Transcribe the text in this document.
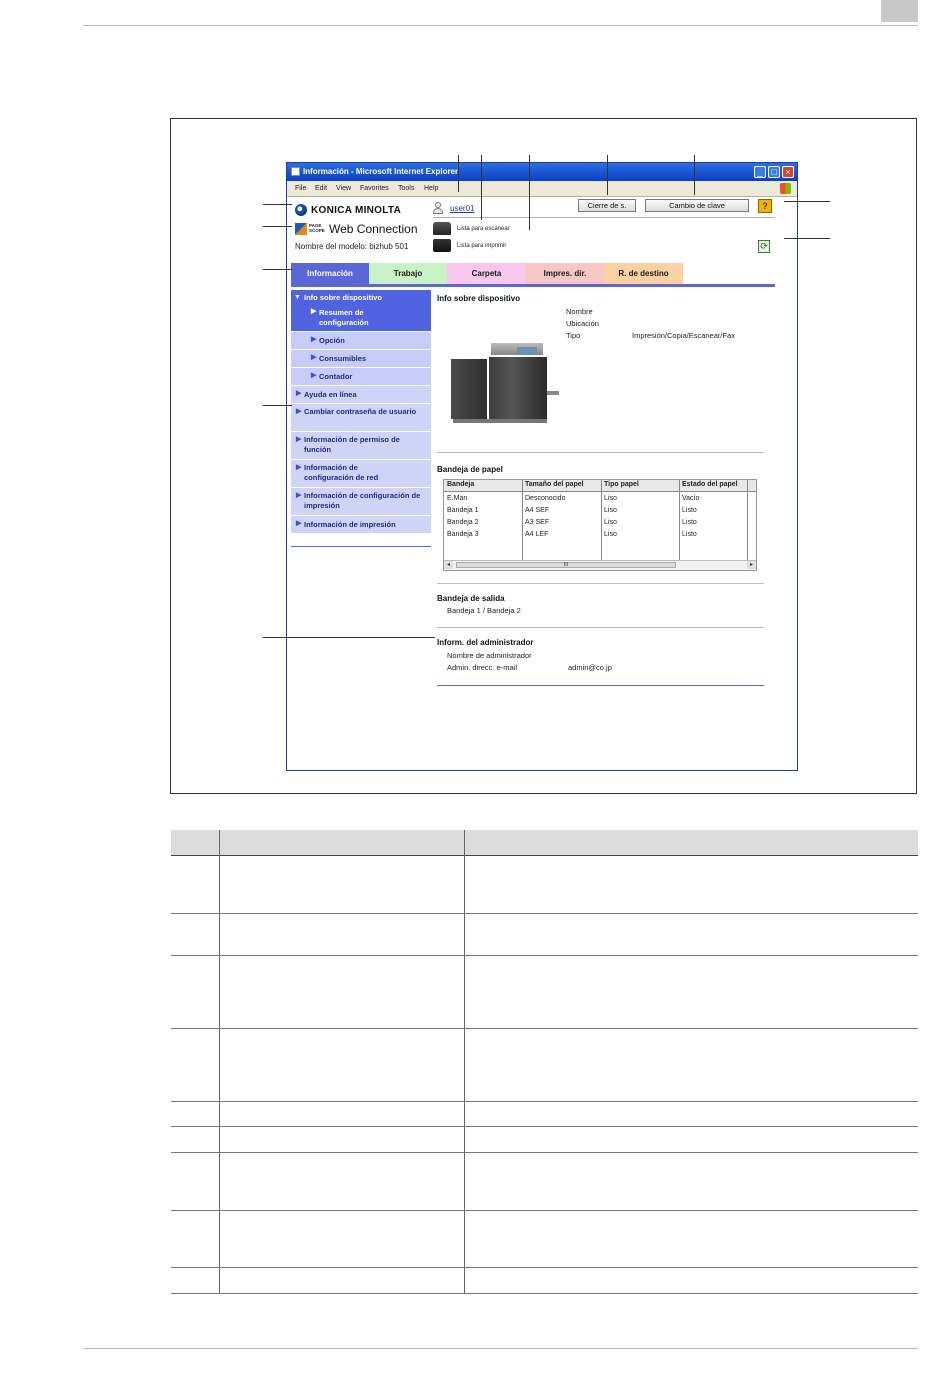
Información - Microsoft Internet Explorer	_ □ ×
File Edit View Favorites Tools Help
KONICA MINOLTA
PAGE SCOPE Web Connection
Nombre del modelo: bizhub 501
user01	Cierre de s.	Cambio de clave	?
Lista para escanear
Lista para imprimir	⟳
Información	Trabajo	Carpeta	Impres. dir.	R. de destino
▼ Info sobre dispositivo
▶ Resumen de configuración
▶ Opción
▶ Consumibles
▶ Contador
▶ Ayuda en línea
▶ Cambiar contraseña de usuario
▶ Información de permiso de función
▶ Información de configuración de red
▶ Información de configuración de impresión
▶ Información de impresión
Info sobre dispositivo
Nombre
Ubicación
Tipo	Impresión/Copia/Escanear/Fax
Bandeja de papel
Bandeja	Tamaño del papel	Tipo papel	Estado del papel
E.Man	Desconocido	Liso	Vacío
Bandeja 1	A4 SEF	Liso	Listo
Bandeja 2	A3 SEF	Liso	Listo
Bandeja 3	A4 LEF	Liso	Listo
◂	III	▸
Bandeja de salida
Bandeja 1 / Bandeja 2
Inform. del administrador
Nombre de administrador
Admin. direcc. e-mail	admin@co.jp
